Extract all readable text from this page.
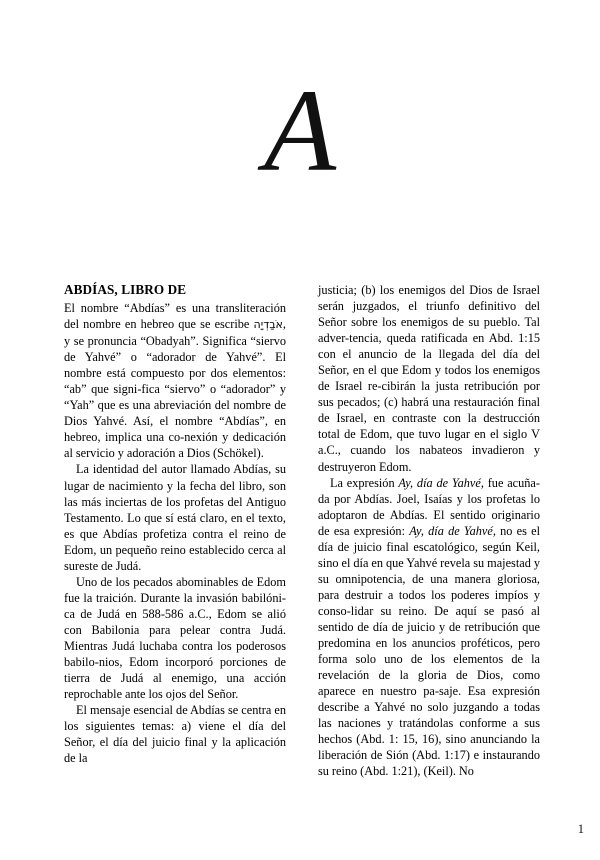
A
ABDÍAS, LIBRO DE

El nombre “Abdías” es una transliteración del nombre en hebreo que se escribe אֹבַדְיָה, y se pronuncia “Obadyah”. Significa “siervo de Yahvé” o “adorador de Yahvé”. El nombre está compuesto por dos elementos: “ab” que signi-fica “siervo” o “adorador” y “Yah” que es una abreviación del nombre de Dios Yahvé. Así, el nombre “Abdías”, en hebreo, implica una co-nexión y dedicación al servicio y adoración a Dios (Schökel).

La identidad del autor llamado Abdías, su lugar de nacimiento y la fecha del libro, son las más inciertas de los profetas del Antiguo Testamento. Lo que sí está claro, en el texto, es que Abdías profetiza contra el reino de Edom, un pequeño reino establecido cerca al sureste de Judá.

Uno de los pecados abominables de Edom fue la traición. Durante la invasión babilóni-ca de Judá en 588-586 a.C., Edom se alió con Babilonia para pelear contra Judá. Mientras Judá luchaba contra los poderosos babilo-nios, Edom incorporó porciones de tierra de Judá al enemigo, una acción reprochable ante los ojos del Señor.

El mensaje esencial de Abdías se centra en los siguientes temas: a) viene el día del Señor, el día del juicio final y la aplicación de la

justicia; (b) los enemigos del Dios de Israel serán juzgados, el triunfo definitivo del Señor sobre los enemigos de su pueblo. Tal adver-tencia, queda ratificada en Abd. 1:15 con el anuncio de la llegada del día del Señor, en el que Edom y todos los enemigos de Israel re-cibirán la justa retribución por sus pecados; (c) habrá una restauración final de Israel, en contraste con la destrucción total de Edom, que tuvo lugar en el siglo V a.C., cuando los nabateos invadieron y destruyeron Edom.

La expresión Ay, día de Yahvé, fue acuña-da por Abdías. Joel, Isaías y los profetas lo adoptaron de Abdías. El sentido originario de esa expresión: Ay, día de Yahvé, no es el día de juicio final escatológico, según Keil, sino el día en que Yahvé revela su majestad y su omnipotencia, de una manera gloriosa, para destruir a todos los poderes impíos y conso-lidar su reino. De aquí se pasó al sentido de día de juicio y de retribución que predomina en los anuncios proféticos, pero forma solo uno de los elementos de la revelación de la gloria de Dios, como aparece en nuestro pa-saje. Esa expresión describe a Yahvé no solo juzgando a todas las naciones y tratándolas conforme a sus hechos (Abd. 1: 15, 16), sino anunciando la liberación de Sión (Abd. 1:17) e instaurando su reino (Abd. 1:21), (Keil). No

1
